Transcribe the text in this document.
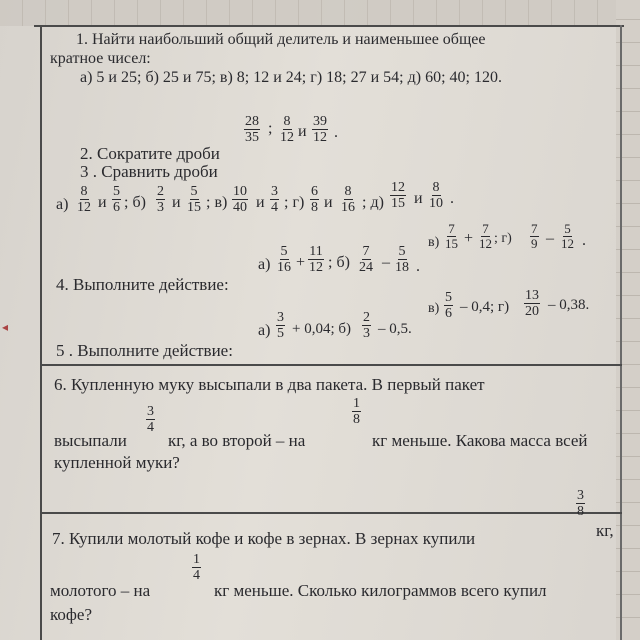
◂
1. Найти наибольший общий делитель и наименьшее общее
кратное чисел:
а) 5 и 25; б) 25 и 75; в) 8; 12 и 24; г) 18; 27 и 54; д) 60; 40; 120.
2. Сократите дроби
28
35
; 8
12 и
39
12 .
3 . Сравнить дроби
а)
8
12 и
5
6 ; б)
2
3 и
5
15 ; в)
10
40 и
3
4 ; г)
6
8 и
8
16 ; д)
12
15 и
8
10 .
4. Выполните действие:
а)
5
16 +
11
12 ; б)
7
24 –
5
18 .
в)
7
15 +
7
12 ; г)
7
9 –
5
12 .
5 . Выполните действие:
а)
3
5 + 0,04; б)
2
3 – 0,5.
в)
5
6 – 0,4; г)
13
20 – 0,38.
6. Купленную муку высыпали в два пакета. В первый пакет
3
4
1
8
высыпали кг, а во второй – на	кг меньше. Какова масса всей
купленной муки?
3
8
7. Купили молотый кофе и кофе в зернах. В зернах купили	кг,
1
4
молотого – на	кг меньше. Сколько килограммов всего купил
кофе?
